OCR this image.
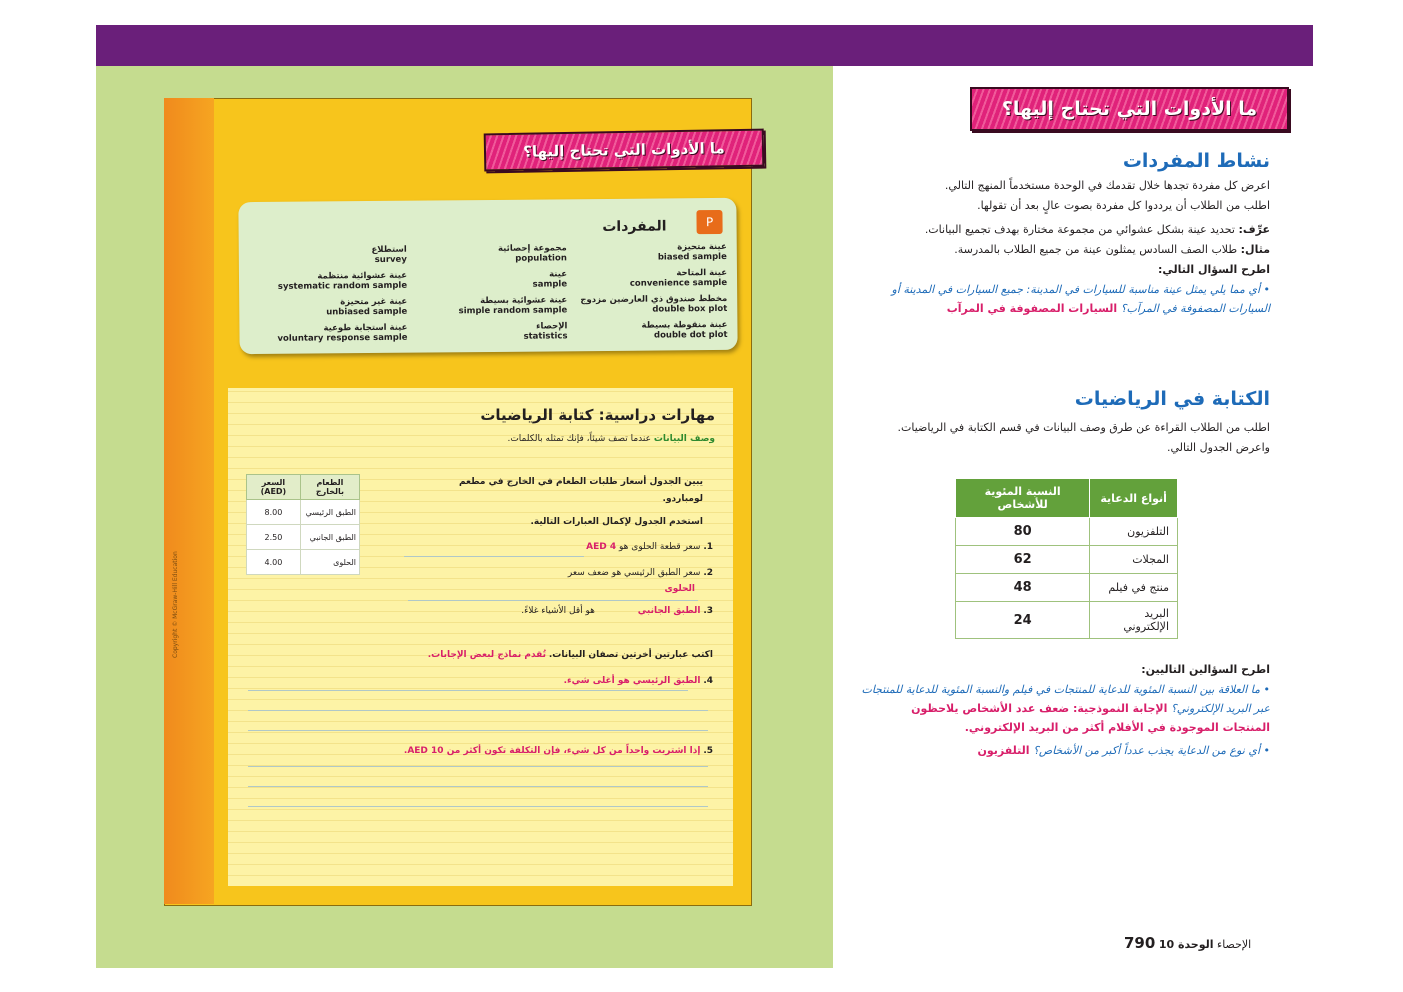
Copyright © McGraw-Hill Education
ما الأدوات التي تحتاج إليها؟
P
المفردات
عينة متحيزة
biased sample
مجموعة إحصائية
population
استطلاع
survey
عينة المتاحة
convenience sample
عينة
sample
عينة عشوائية منتظمة
systematic random sample
مخطط صندوق ذي العارضين مزدوج
double box plot
عينة عشوائية بسيطة
simple random sample
عينة غير متحيزة
unbiased sample
عينة منقوطة بسيطة
double dot plot
الإحصاء
statistics
عينة استجابة طوعية
voluntary response sample
مهارات دراسية: كتابة الرياضيات
وصف البيانات عندما تصف شيئاً، فإنك تمثله بالكلمات.
الطعام بالخارج	السعر (AED)
الطبق الرئيسي	8.00
الطبق الجانبي	2.50
الحلوى	4.00
يبين الجدول أسعار طلبات الطعام في الخارج في مطعم لومباردو.
استخدم الجدول لإكمال العبارات التالية.
1. سعر قطعة الحلوى هو AED 4
2. سعر الطبق الرئيسي هو ضعف سعر
الحلوى
3. الطبق الجانبي هو أقل الأشياء غلاءً.
اكتب عبارتين أخرتين تصفان البيانات. تُقدم نماذج لبعض الإجابات.
4. الطبق الرئيسي هو أغلى شيء.
5. إذا اشتريت واحداً من كل شيء، فإن التكلفة تكون أكثر من AED 10.
ما الأدوات التي تحتاج إليها؟
نشاط المفردات
اعرض كل مفردة تجدها خلال تقدمك في الوحدة مستخدماً المنهج التالي.
اطلب من الطلاب أن يرددوا كل مفردة بصوت عالٍ بعد أن تقولها.
عرِّف: تحديد عينة بشكل عشوائي من مجموعة مختارة بهدف تجميع البيانات.
مثال: طلاب الصف السادس يمثلون عينة من جميع الطلاب بالمدرسة.
اطرح السؤال التالي:
• أي مما يلي يمثل عينة مناسبة للسيارات في المدينة: جميع السيارات في المدينة أو السيارات المصفوفة في المرآب؟ السيارات المصفوفة في المرآب
الكتابة في الرياضيات
اطلب من الطلاب القراءة عن طرق وصف البيانات في قسم الكتابة في الرياضيات. واعرض الجدول التالي.
أنواع الدعاية	النسبة المئوية للأشخاص
التلفزيون	80
المجلات	62
منتج في فيلم	48
البريد الإلكتروني	24
اطرح السؤالين التاليين:
• ما العلاقة بين النسبة المئوية للدعاية للمنتجات في فيلم والنسبة المئوية للدعاية للمنتجات عبر البريد الإلكتروني؟ الإجابة النموذجية: ضعف عدد الأشخاص يلاحظون المنتجات الموجودة في الأفلام أكثر من البريد الإلكتروني.
• أي نوع من الدعاية يجذب عدداً أكبر من الأشخاص؟ التلفزيون
الإحصاء الوحدة 10 790
